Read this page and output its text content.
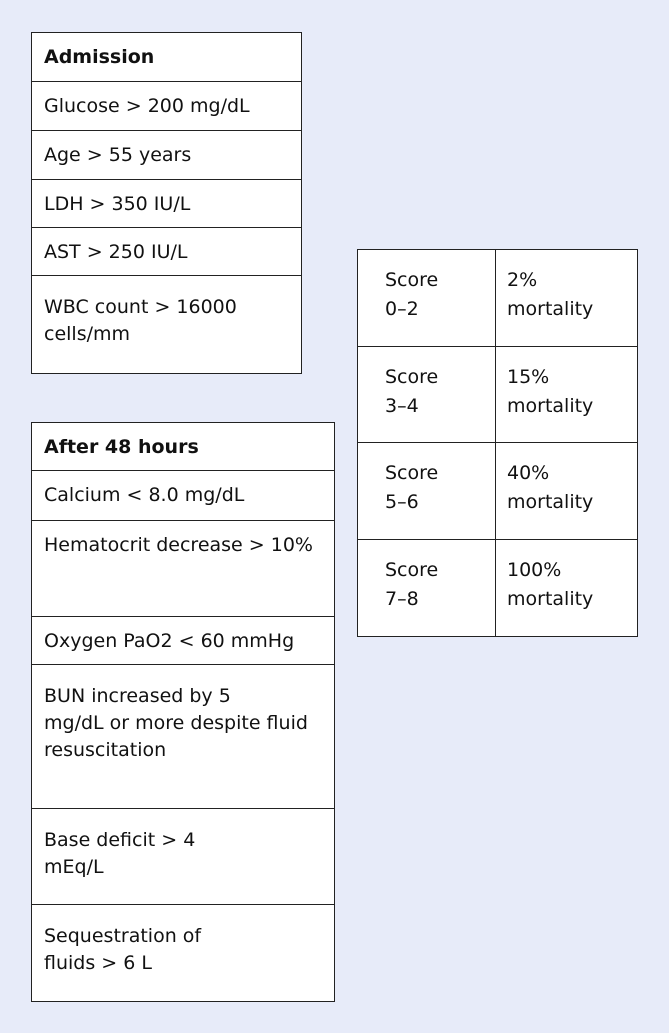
Admission
Glucose > 200 mg/dL
Age > 55 years
LDH > 350 IU/L
AST > 250 IU/L
WBC count > 16000
cells/mm
After 48 hours
Calcium < 8.0 mg/dL
Hematocrit decrease > 10%
Oxygen PaO2 < 60 mmHg
BUN increased by 5
mg/dL or more despite fluid
resuscitation
Base deficit > 4
mEq/L
Sequestration of
fluids > 6 L
Score
0–2
2%
mortality
Score
3–4
15%
mortality
Score
5–6
40%
mortality
Score
7–8
100%
mortality
